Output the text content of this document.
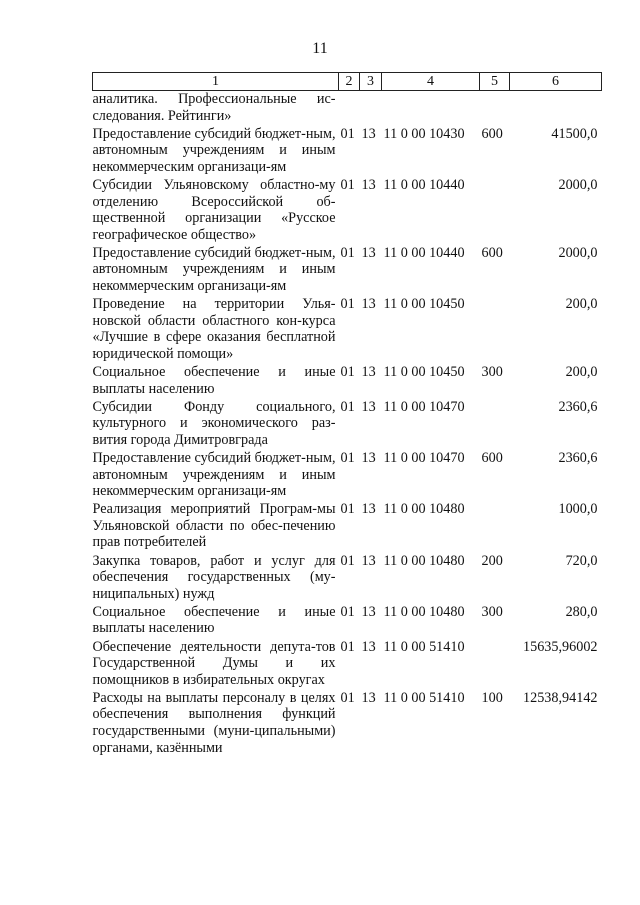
11
1	2	3	4	5	6
аналитика. Профессиональные ис-следования. Рейтинги»					
Предоставление субсидий бюджет-ным, автономным учреждениям и иным некоммерческим организаци-ям	01	13	11 0 00 10430	600	41500,0
Субсидии Ульяновскому областно-му отделению Всероссийской об-щественной организации «Русское географическое общество»	01	13	11 0 00 10440		2000,0
Предоставление субсидий бюджет-ным, автономным учреждениям и иным некоммерческим организаци-ям	01	13	11 0 00 10440	600	2000,0
Проведение на территории Улья-новской области областного кон-курса «Лучшие в сфере оказания бесплатной юридической помощи»	01	13	11 0 00 10450		200,0
Социальное обеспечение и иные выплаты населению	01	13	11 0 00 10450	300	200,0
Субсидии Фонду социального, культурного и экономического раз-вития города Димитровграда	01	13	11 0 00 10470		2360,6
Предоставление субсидий бюджет-ным, автономным учреждениям и иным некоммерческим организаци-ям	01	13	11 0 00 10470	600	2360,6
Реализация мероприятий Програм-мы Ульяновской области по обес-печению прав потребителей	01	13	11 0 00 10480		1000,0
Закупка товаров, работ и услуг для обеспечения государственных (му-ниципальных) нужд	01	13	11 0 00 10480	200	720,0
Социальное обеспечение и иные выплаты населению	01	13	11 0 00 10480	300	280,0
Обеспечение деятельности депута-тов Государственной Думы и их помощников в избирательных округах	01	13	11 0 00 51410		15635,96002
Расходы на выплаты персоналу в целях обеспечения выполнения функций государственными (муни-ципальными) органами, казёнными	01	13	11 0 00 51410	100	12538,94142
